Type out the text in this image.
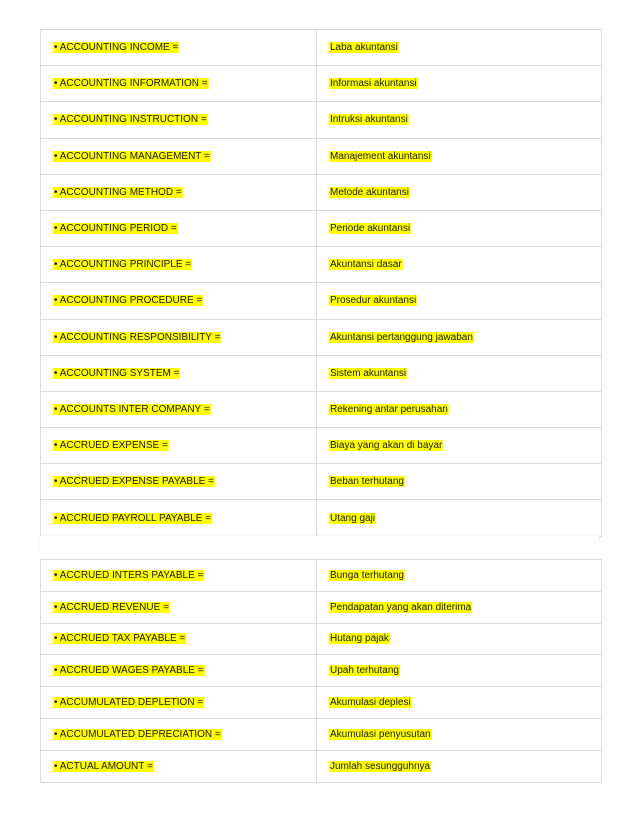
• ACCOUNTING INCOME =	Laba akuntansi
• ACCOUNTING INFORMATION =	Informasi akuntansi
• ACCOUNTING INSTRUCTION =	Intruksi akuntansi
• ACCOUNTING MANAGEMENT =	Manajement akuntansi
• ACCOUNTING METHOD =	Metode akuntansi
• ACCOUNTING PERIOD =	Periode akuntansi
• ACCOUNTING PRINCIPLE =	Akuntansi dasar
• ACCOUNTING PROCEDURE =	Prosedur akuntansi
• ACCOUNTING RESPONSIBILITY =	Akuntansi pertanggung jawaban
• ACCOUNTING SYSTEM =	Sistem akuntansi
• ACCOUNTS INTER COMPANY =	Rekening antar perusahan
• ACCRUED EXPENSE =	Biaya yang akan di bayar
• ACCRUED EXPENSE PAYABLE =	Beban terhutang
• ACCRUED PAYROLL PAYABLE =	Utang gaji
• ACCRUED INTERS PAYABLE =	Bunga terhutang
• ACCRUED REVENUE =	Pendapatan yang akan diterima
• ACCRUED TAX PAYABLE =	Hutang pajak
• ACCRUED WAGES PAYABLE =	Upah terhutang
• ACCUMULATED DEPLETION =	Akumulasi deplesi
• ACCUMULATED DEPRECIATION =	Akumulasi penyusutan
• ACTUAL AMOUNT =	Jumlah sesungguhnya
